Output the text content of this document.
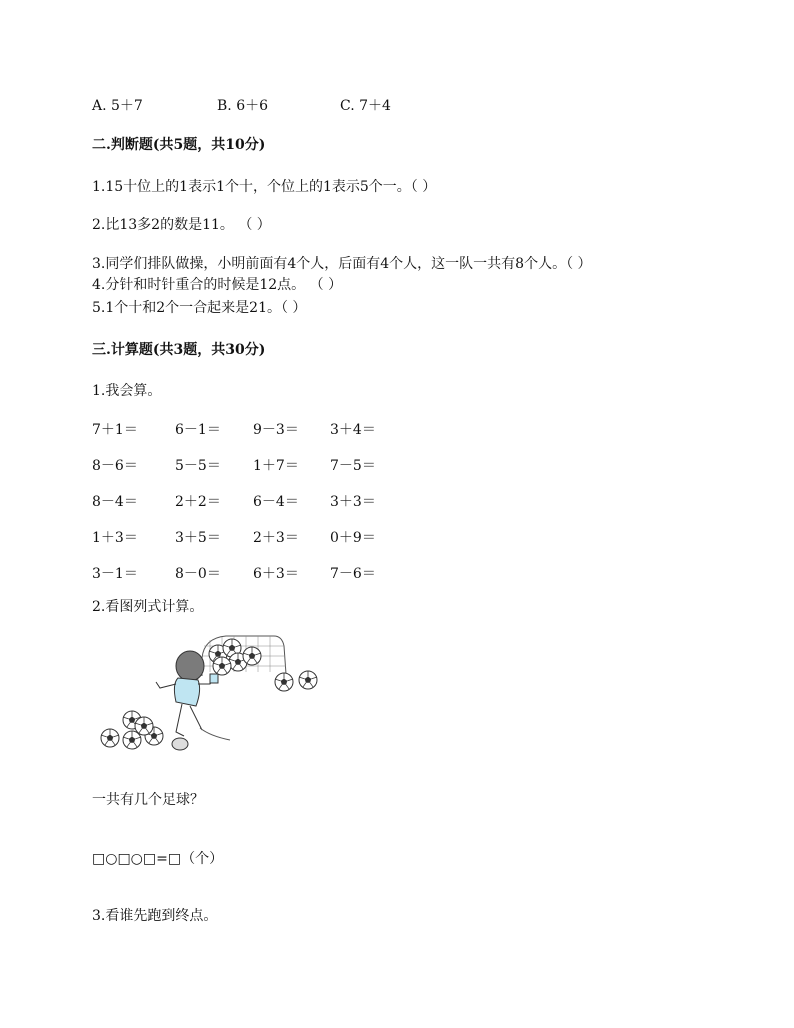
A. 5＋7	B. 6＋6	C. 7＋4
二.判断题(共5题，共10分)
1.15十位上的1表示1个十，个位上的1表示5个一。（ ）
2.比13多2的数是11。 （ ）
3.同学们排队做操，小明前面有4个人，后面有4个人，这一队一共有8个人。（ ）
4.分针和时针重合的时候是12点。 （ ）
5.1个十和2个一合起来是21。（ ）
三.计算题(共3题，共30分)
1.我会算。
7＋1＝	6－1＝ 9－3＝ 3＋4＝
8－6＝	5－5＝ 1＋7＝ 7－5＝
8－4＝	2＋2＝ 6－4＝ 3＋3＝
1＋3＝	3＋5＝ 2＋3＝ 0＋9＝
3－1＝	8－0＝ 6＋3＝ 7－6＝
2.看图列式计算。
一共有几个足球？
□○□○□=□（个）
3.看谁先跑到终点。
